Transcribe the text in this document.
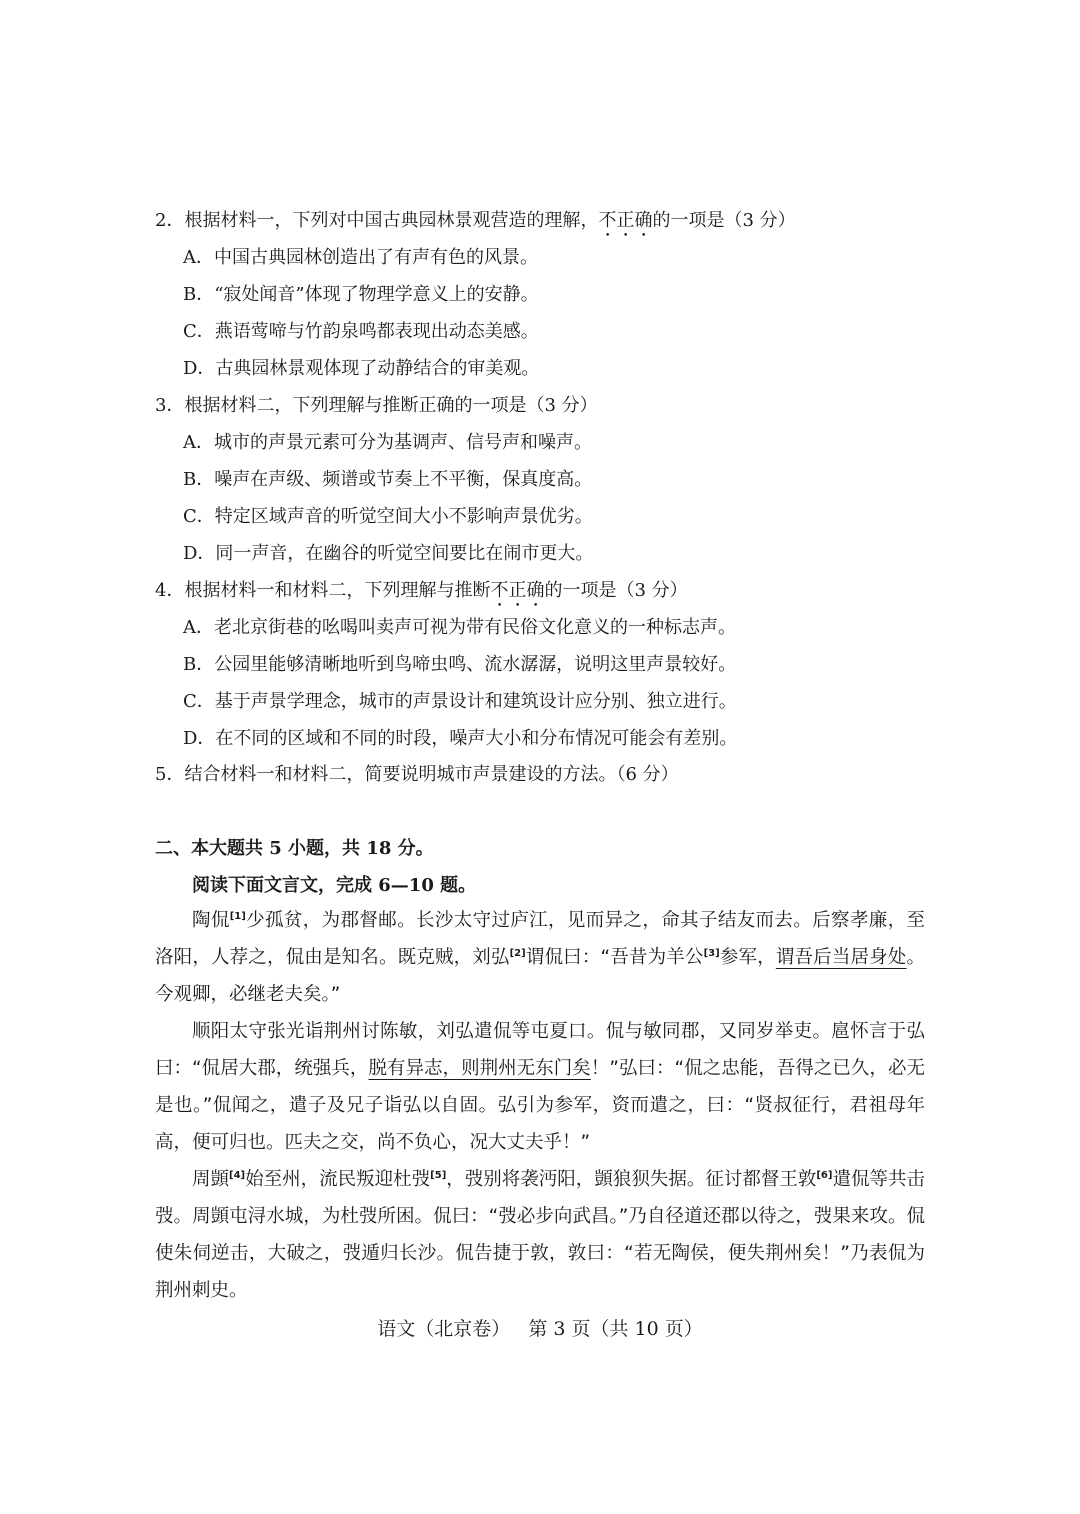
2．根据材料一，下列对中国古典园林景观营造的理解，不正确的一项是（3 分）
A．中国古典园林创造出了有声有色的风景。
B．“寂处闻音”体现了物理学意义上的安静。
C．燕语莺啼与竹韵泉鸣都表现出动态美感。
D．古典园林景观体现了动静结合的审美观。
3．根据材料二，下列理解与推断正确的一项是（3 分）
A．城市的声景元素可分为基调声、信号声和噪声。
B．噪声在声级、频谱或节奏上不平衡，保真度高。
C．特定区域声音的听觉空间大小不影响声景优劣。
D．同一声音，在幽谷的听觉空间要比在闹市更大。
4．根据材料一和材料二，下列理解与推断不正确的一项是（3 分）
A．老北京街巷的吆喝叫卖声可视为带有民俗文化意义的一种标志声。
B．公园里能够清晰地听到鸟啼虫鸣、流水潺潺，说明这里声景较好。
C．基于声景学理念，城市的声景设计和建筑设计应分别、独立进行。
D．在不同的区域和不同的时段，噪声大小和分布情况可能会有差别。
5．结合材料一和材料二，简要说明城市声景建设的方法。（6 分）
二、本大题共 5 小题，共 18 分。
阅读下面文言文，完成 6—10 题。

陶侃[1]少孤贫，为郡督邮。长沙太守过庐江，见而异之，命其子结友而去。后察孝廉，至洛阳，人荐之，侃由是知名。既克贼，刘弘[2]谓侃曰：“吾昔为羊公[3]参军，谓吾后当居身处。今观卿，必继老夫矣。”

顺阳太守张光诣荆州讨陈敏，刘弘遣侃等屯夏口。侃与敏同郡，又同岁举吏。扈怀言于弘曰：“侃居大郡，统强兵，脱有异志，则荆州无东门矣！”弘曰：“侃之忠能，吾得之已久，必无是也。”侃闻之，遣子及兄子诣弘以自固。弘引为参军，资而遣之，曰：“贤叔征行，君祖母年高，便可归也。匹夫之交，尚不负心，况大丈夫乎！”

周顗[4]始至州，流民叛迎杜弢[5]，弢别将袭沔阳，顗狼狈失据。征讨都督王敦[6]遣侃等共击弢。周顗屯浔水城，为杜弢所困。侃曰：“弢必步向武昌。”乃自径道还郡以待之，弢果来攻。侃使朱伺逆击，大破之，弢遁归长沙。侃告捷于敦，敦曰：“若无陶侯，便失荆州矣！”乃表侃为荆州刺史。

语文（北京卷）   第 3 页（共 10 页）
